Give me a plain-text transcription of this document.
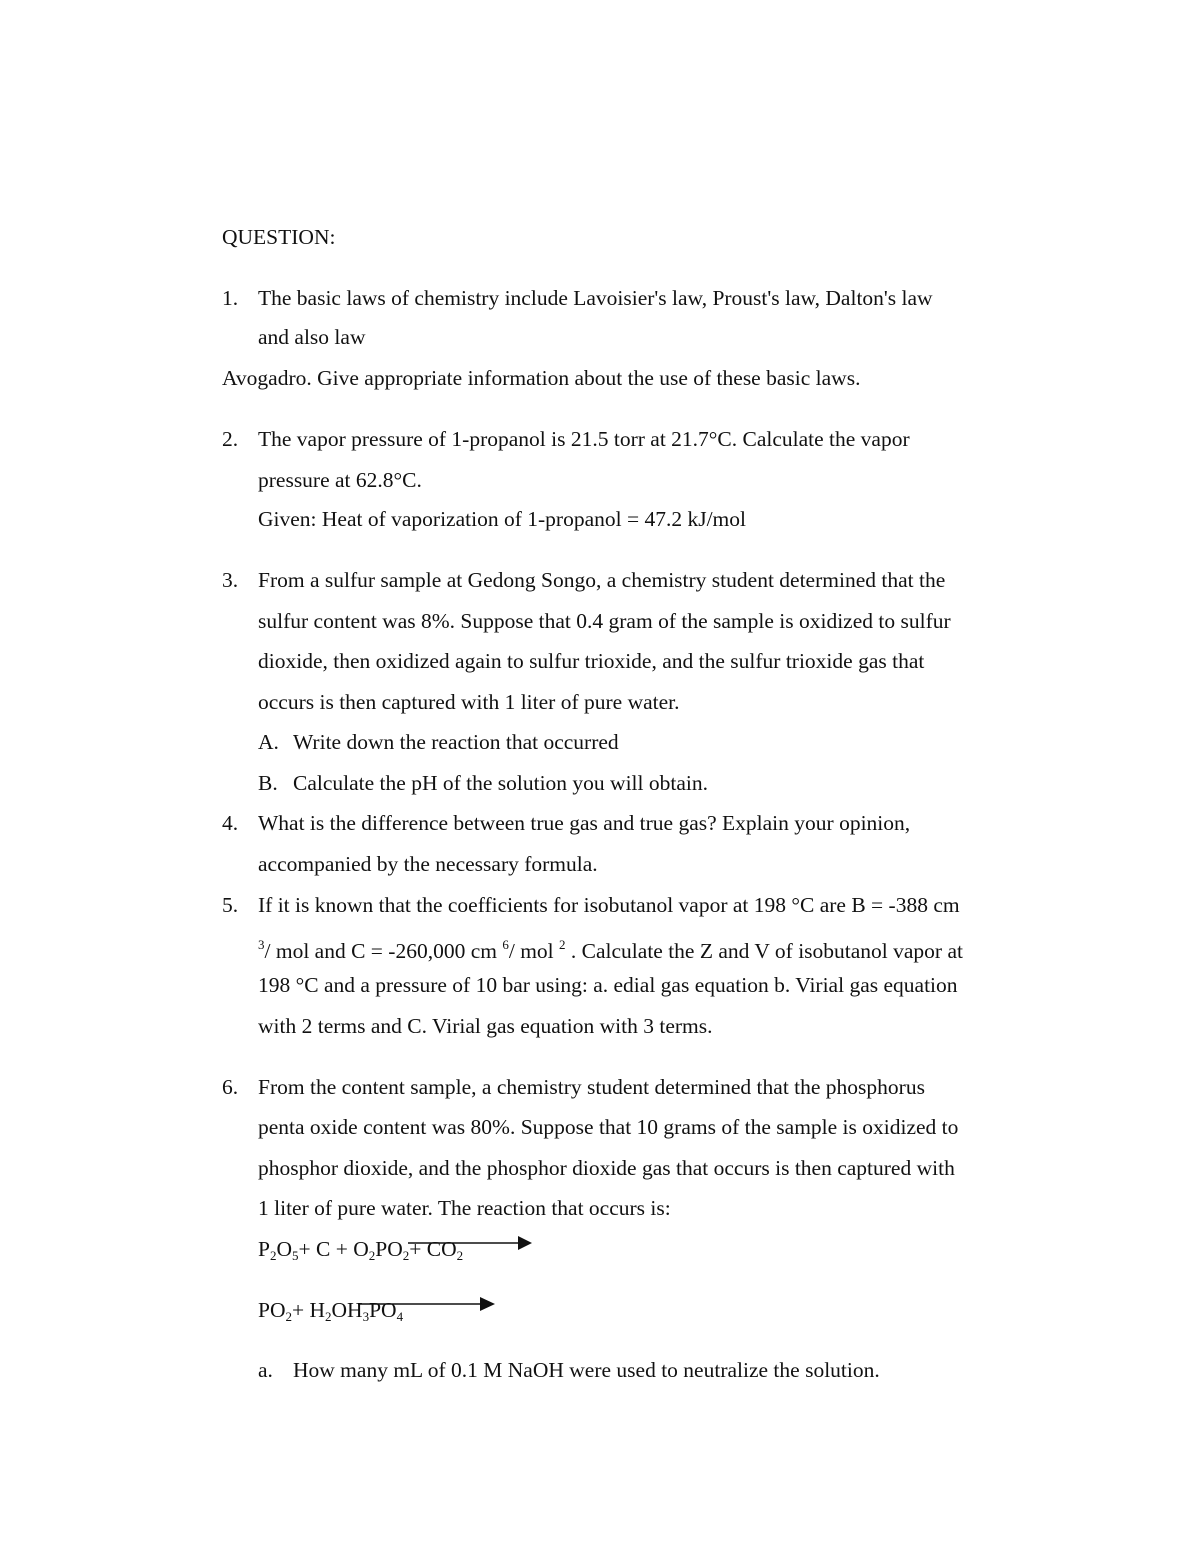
QUESTION:
1. The basic laws of chemistry include Lavoisier's law, Proust's law, Dalton's law
and also law
Avogadro. Give appropriate information about the use of these basic laws.
2. The vapor pressure of 1-propanol is 21.5 torr at 21.7°C. Calculate the vapor
pressure at 62.8°C.
Given: Heat of vaporization of 1-propanol = 47.2 kJ/mol
3. From a sulfur sample at Gedong Songo, a chemistry student determined that the
sulfur content was 8%. Suppose that 0.4 gram of the sample is oxidized to sulfur
dioxide, then oxidized again to sulfur trioxide, and the sulfur trioxide gas that
occurs is then captured with 1 liter of pure water.
A. Write down the reaction that occurred
B. Calculate the pH of the solution you will obtain.
4. What is the difference between true gas and true gas? Explain your opinion,
accompanied by the necessary formula.
5. If it is known that the coefficients for isobutanol vapor at 198 °C are B = -388 cm
$^3$/ mol and C = -260,000 cm $^6$/ mol $^2$ . Calculate the Z and V of isobutanol vapor at
198 °C and a pressure of 10 bar using: a. edial gas equation b. Virial gas equation
with 2 terms and C. Virial gas equation with 3 terms.
6. From the content sample, a chemistry student determined that the phosphorus
penta oxide content was 80%. Suppose that 10 grams of the sample is oxidized to
phosphor dioxide, and the phosphor dioxide gas that occurs is then captured with
1 liter of pure water. The reaction that occurs is:
$P_2O_5+ C + O_2PO_2+ CO_2$
$PO_2+ H_2OH_3PO_4$
a. How many mL of 0.1 M NaOH were used to neutralize the solution.
